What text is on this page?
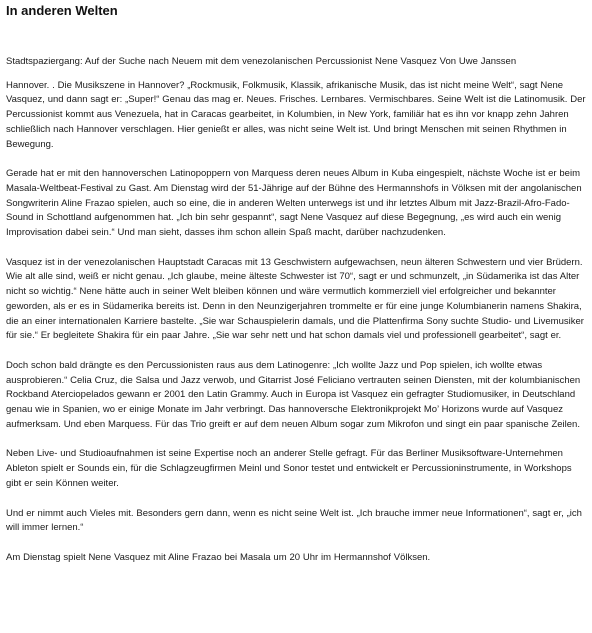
In anderen Welten

Stadtspaziergang: Auf der Suche nach Neuem mit dem venezolanischen Percussionist Nene Vasquez Von Uwe Janssen

Hannover. . Die Musikszene in Hannover? „Rockmusik, Folkmusik, Klassik, afrikanische Musik, das ist nicht meine Welt“, sagt Nene Vasquez, und dann sagt er: „Super!“ Genau das mag er. Neues. Frisches. Lernbares. Vermischbares. Seine Welt ist die Latinomusik. Der Percussionist kommt aus Venezuela, hat in Caracas gearbeitet, in Kolumbien, in New York, familiär hat es ihn vor knapp zehn Jahren schließlich nach Hannover verschlagen. Hier genießt er alles, was nicht seine Welt ist. Und bringt Menschen mit seinen Rhythmen in Bewegung.

Gerade hat er mit den hannoverschen Latinopoppern von Marquess deren neues Album in Kuba eingespielt, nächste Woche ist er beim Masala-Weltbeat-Festival zu Gast. Am Dienstag wird der 51-Jährige auf der Bühne des Hermannshofs in Völksen mit der angolanischen Songwriterin Aline Frazao spielen, auch so eine, die in anderen Welten unterwegs ist und ihr letztes Album mit Jazz-Brazil-Afro-Fado-Sound in Schottland aufgenommen hat. „Ich bin sehr gespannt“, sagt Nene Vasquez auf diese Begegnung, „es wird auch ein wenig Improvisation dabei sein.“ Und man sieht, dasses ihm schon allein Spaß macht, darüber nachzudenken.

Vasquez ist in der venezolanischen Hauptstadt Caracas mit 13 Geschwistern aufgewachsen, neun älteren Schwestern und vier Brüdern. Wie alt alle sind, weiß er nicht genau. „Ich glaube, meine älteste Schwester ist 70“, sagt er und schmunzelt, „in Südamerika ist das Alter nicht so wichtig.“ Nene hätte auch in seiner Welt bleiben können und wäre vermutlich kommerziell viel erfolgreicher und bekannter geworden, als er es in Südamerika bereits ist. Denn in den Neunzigerjahren trommelte er für eine junge Kolumbianerin namens Shakira, die an einer internationalen Karriere bastelte. „Sie war Schauspielerin damals, und die Plattenfirma Sony suchte Studio- und Livemusiker für sie.“ Er begleitete Shakira für ein paar Jahre. „Sie war sehr nett und hat schon damals viel und professionell gearbeitet“, sagt er.

Doch schon bald drängte es den Percussionisten raus aus dem Latinogenre: „Ich wollte Jazz und Pop spielen, ich wollte etwas ausprobieren.“ Celia Cruz, die Salsa und Jazz verwob, und Gitarrist José Feliciano vertrauten seinen Diensten, mit der kolumbianischen Rockband Aterciopelados gewann er 2001 den Latin Grammy. Auch in Europa ist Vasquez ein gefragter Studiomusiker, in Deutschland genau wie in Spanien, wo er einige Monate im Jahr verbringt. Das hannoversche Elektronikprojekt Mo’ Horizons wurde auf Vasquez aufmerksam. Und eben Marquess. Für das Trio greift er auf dem neuen Album sogar zum Mikrofon und singt ein paar spanische Zeilen.

Neben Live- und Studioaufnahmen ist seine Expertise noch an anderer Stelle gefragt. Für das Berliner Musiksoftware-Unternehmen Ableton spielt er Sounds ein, für die Schlagzeugfirmen Meinl und Sonor testet und entwickelt er Percussioninstrumente, in Workshops gibt er sein Können weiter.

Und er nimmt auch Vieles mit. Besonders gern dann, wenn es nicht seine Welt ist. „Ich brauche immer neue Informationen“, sagt er, „ich will immer lernen.“

Am Dienstag spielt Nene Vasquez mit Aline Frazao bei Masala um 20 Uhr im Hermannshof Völksen.
